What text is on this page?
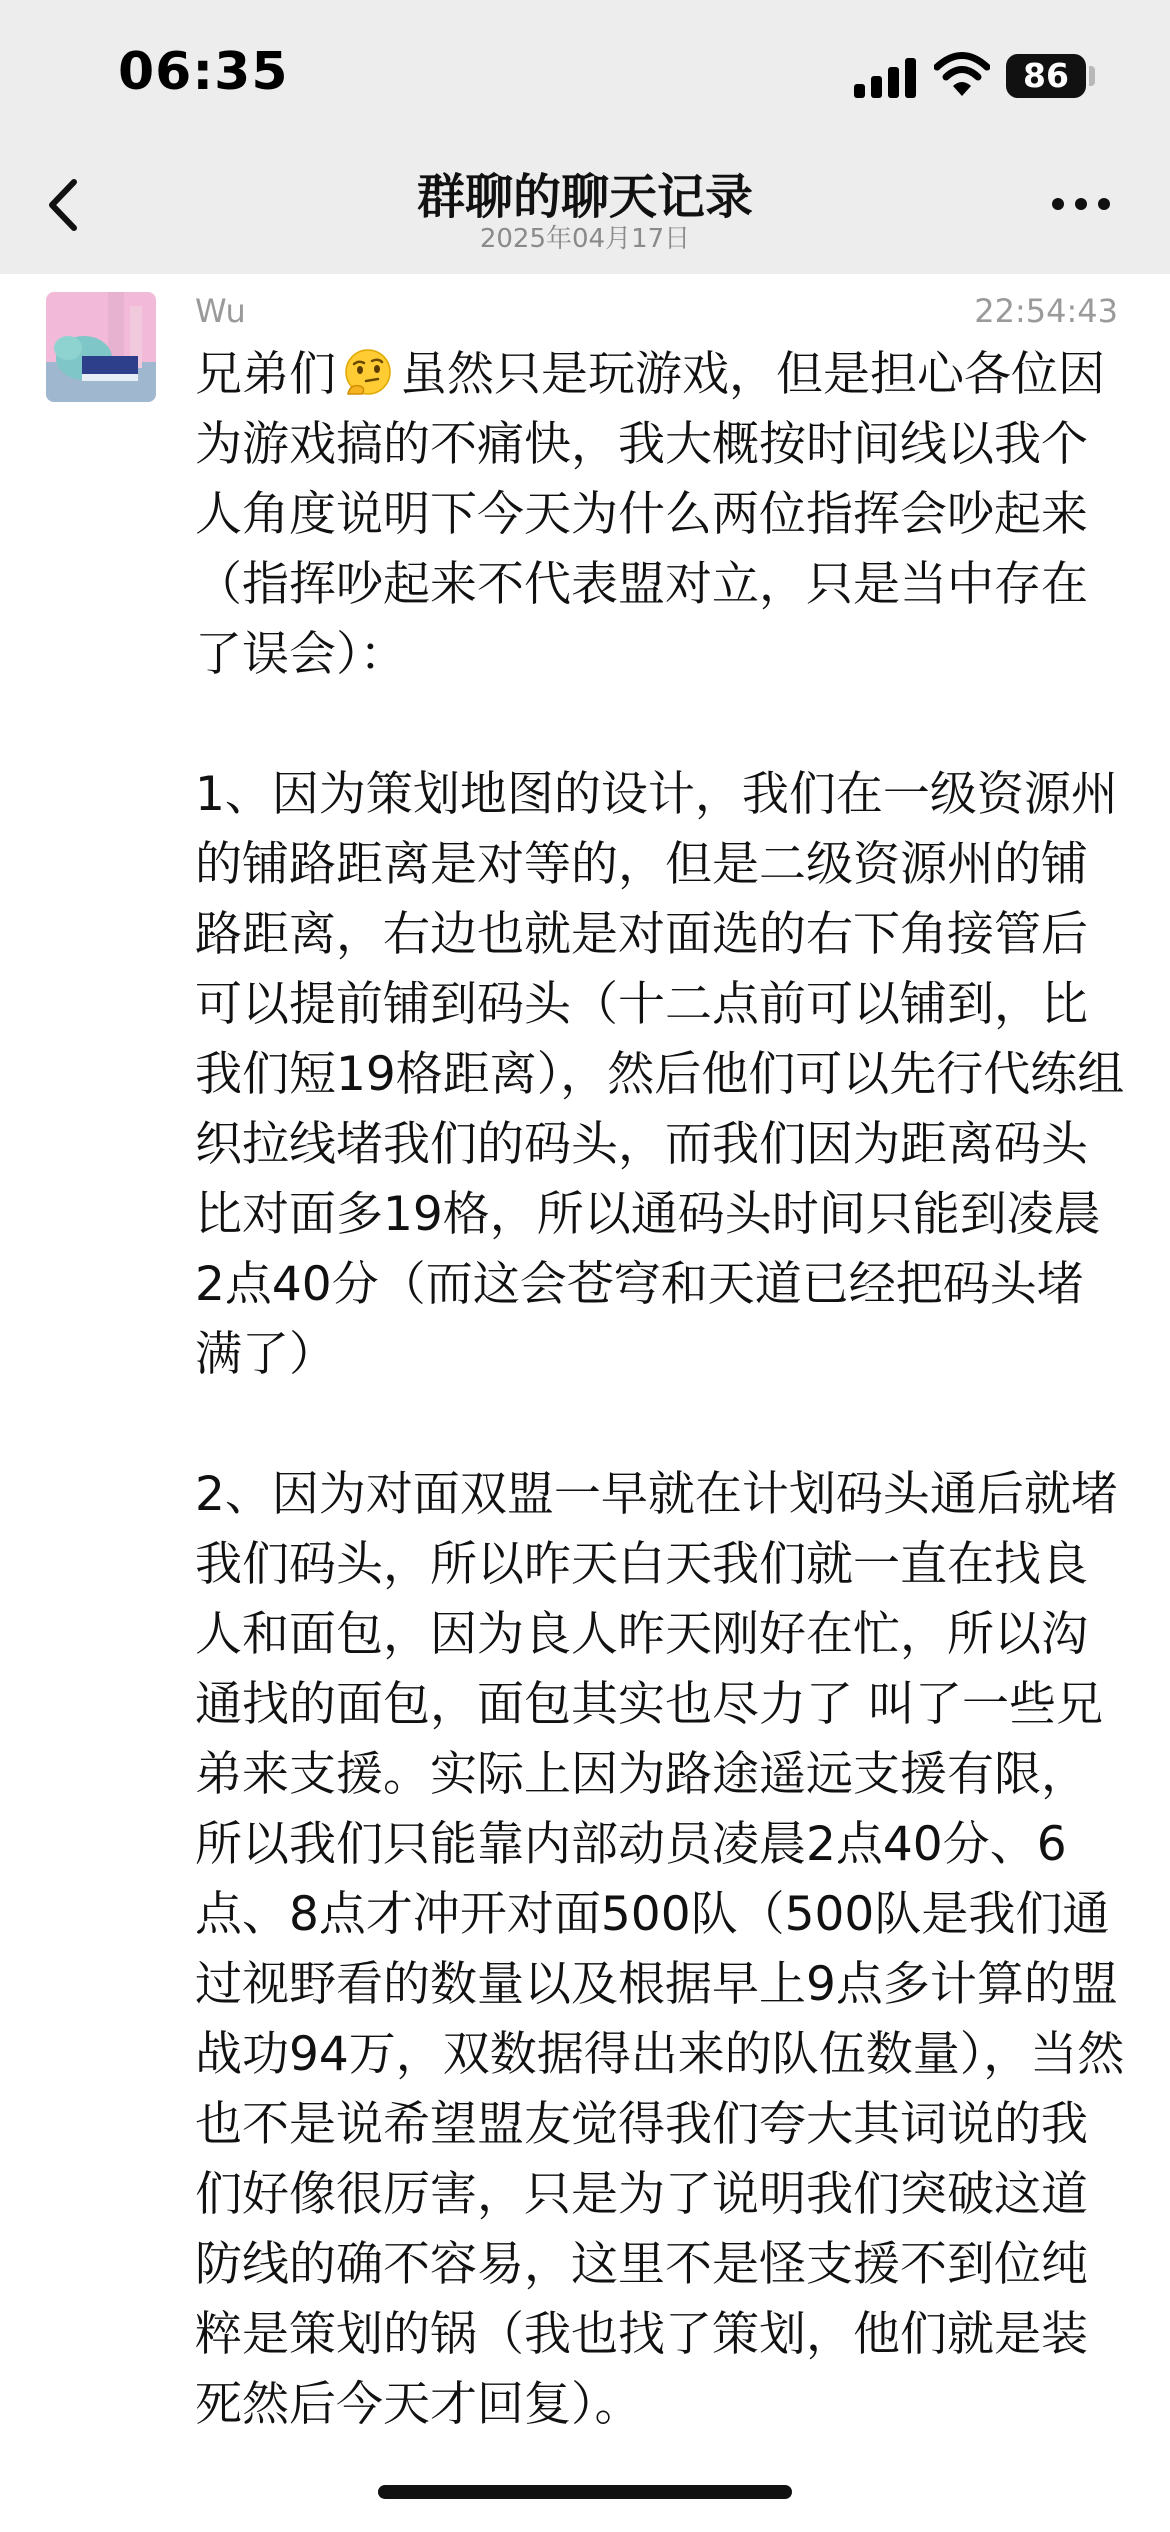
06:35	86
群聊的聊天记录
2025年04月17日
Wu	22:54:43

兄弟们 虽然只是玩游戏，但是担心各位因为游戏搞的不痛快，我大概按时间线以我个人角度说明下今天为什么两位指挥会吵起来（指挥吵起来不代表盟对立，只是当中存在了误会）：

1、因为策划地图的设计，我们在一级资源州的铺路距离是对等的，但是二级资源州的铺路距离，右边也就是对面选的右下角接管后可以提前铺到码头（十二点前可以铺到，比我们短19格距离），然后他们可以先行代练组织拉线堵我们的码头，而我们因为距离码头比对面多19格，所以通码头时间只能到凌晨2点40分（而这会苍穹和天道已经把码头堵满了）

2、因为对面双盟一早就在计划码头通后就堵我们码头，所以昨天白天我们就一直在找良人和面包，因为良人昨天刚好在忙，所以沟通找的面包，面包其实也尽力了 叫了一些兄弟来支援。实际上因为路途遥远支援有限，所以我们只能靠内部动员凌晨2点40分、6点、8点才冲开对面500队（500队是我们通过视野看的数量以及根据早上9点多计算的盟战功94万，双数据得出来的队伍数量），当然也不是说希望盟友觉得我们夸大其词说的我们好像很厉害，只是为了说明我们突破这道防线的确不容易，这里不是怪支援不到位纯粹是策划的锅（我也找了策划，他们就是装死然后今天才回复）。
